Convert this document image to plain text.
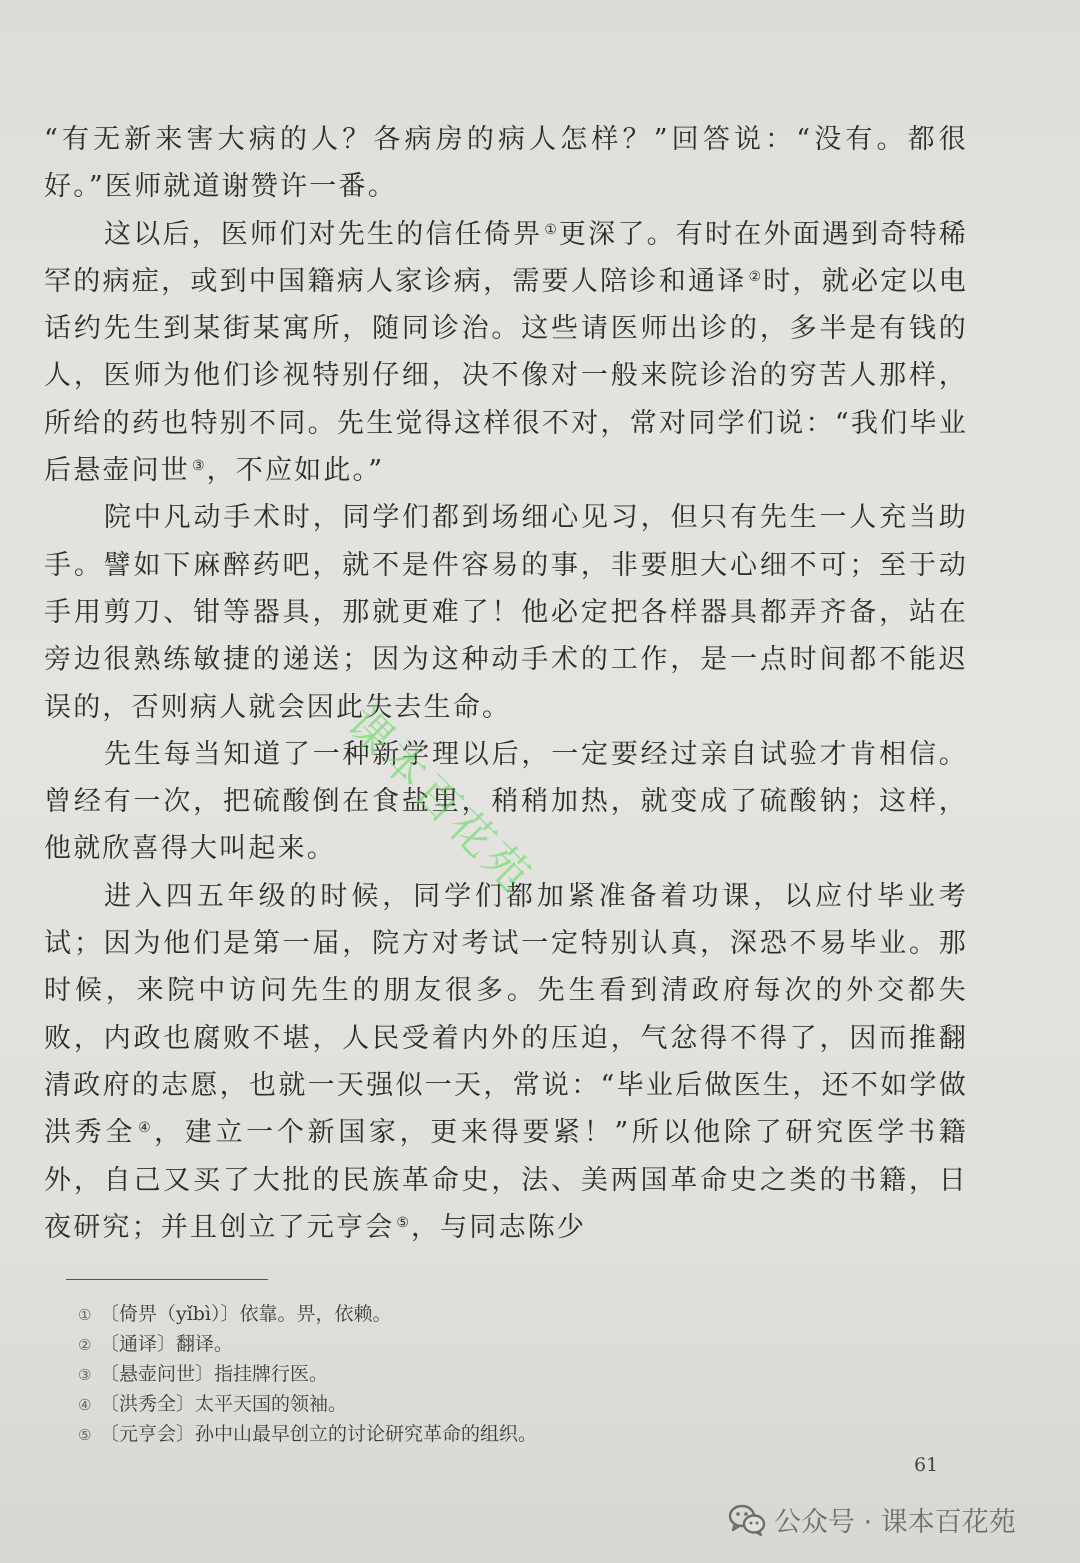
“有无新来害大病的人？各病房的病人怎样？”回答说：“没有。都很好。”医师就道谢赞许一番。

这以后，医师们对先生的信任倚畀 ①更深了。有时在外面遇到奇特稀罕的病症，或到中国籍病人家诊病，需要人陪诊和通译 ②时，就必定以电话约先生到某街某寓所，随同诊治。这些请医师出诊的，多半是有钱的人，医师为他们诊视特别仔细，决不像对一般来院诊治的穷苦人那样，所给的药也特别不同。先生觉得这样很不对，常对同学们说：“我们毕业后悬壶问世 ③，不应如此。”

院中凡动手术时，同学们都到场细心见习，但只有先生一人充当助手。譬如下麻醉药吧，就不是件容易的事，非要胆大心细不可；至于动手用剪刀、钳等器具，那就更难了！他必定把各样器具都弄齐备，站在旁边很熟练敏捷的递送；因为这种动手术的工作，是一点时间都不能迟误的，否则病人就会因此失去生命。

先生每当知道了一种新学理以后，一定要经过亲自试验才肯相信。曾经有一次，把硫酸倒在食盐里，稍稍加热，就变成了硫酸钠；这样，他就欣喜得大叫起来。

进入四五年级的时候，同学们都加紧准备着功课，以应付毕业考试；因为他们是第一届，院方对考试一定特别认真，深恐不易毕业。那时候，来院中访问先生的朋友很多。先生看到清政府每次的外交都失败，内政也腐败不堪，人民受着内外的压迫，气忿得不得了，因而推翻清政府的志愿，也就一天强似一天，常说：“毕业后做医生，还不如学做洪秀全 ④，建立一个新国家，更来得要紧！”所以他除了研究医学书籍外，自己又买了大批的民族革命史，法、美两国革命史之类的书籍，日夜研究；并且创立了元亨会 ⑤，与同志陈少

课本百花苑
① 〔倚畀（yǐbì）〕依靠。畀，依赖。
② 〔通译〕翻译。
③ 〔悬壶问世〕指挂牌行医。
④ 〔洪秀全〕太平天国的领袖。
⑤ 〔元亨会〕孙中山最早创立的讨论研究革命的组织。
61
公众号 · 课本百花苑
